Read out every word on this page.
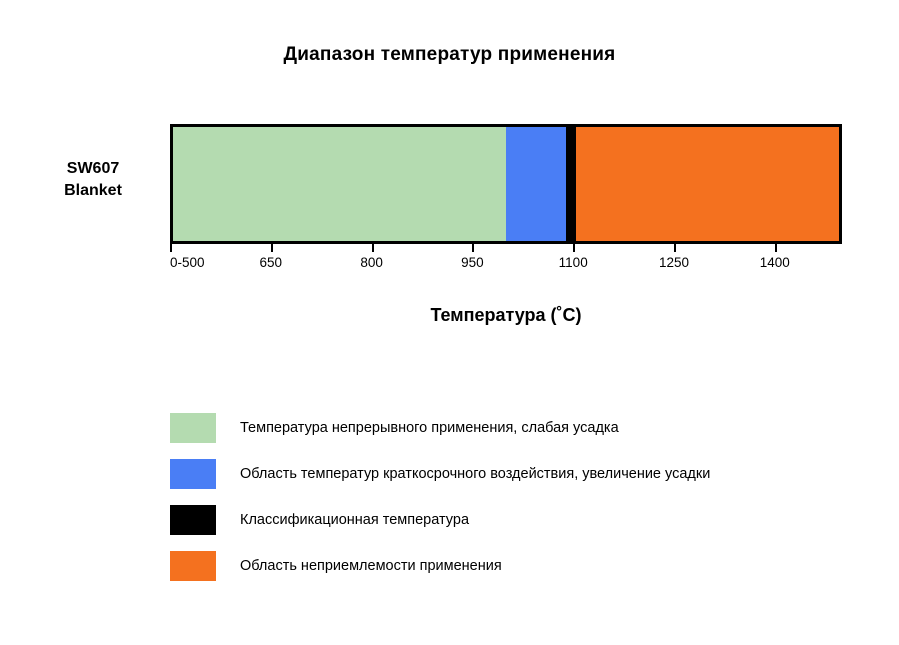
Диапазон температур применения
SW607
Blanket
0-500	650	800	950	1100	1250	1400
Температура (˚C)
Температура непрерывного применения, слабая усадка
Область температур краткосрочного воздействия, увеличение усадки
Классификационная температура
Область неприемлемости применения
